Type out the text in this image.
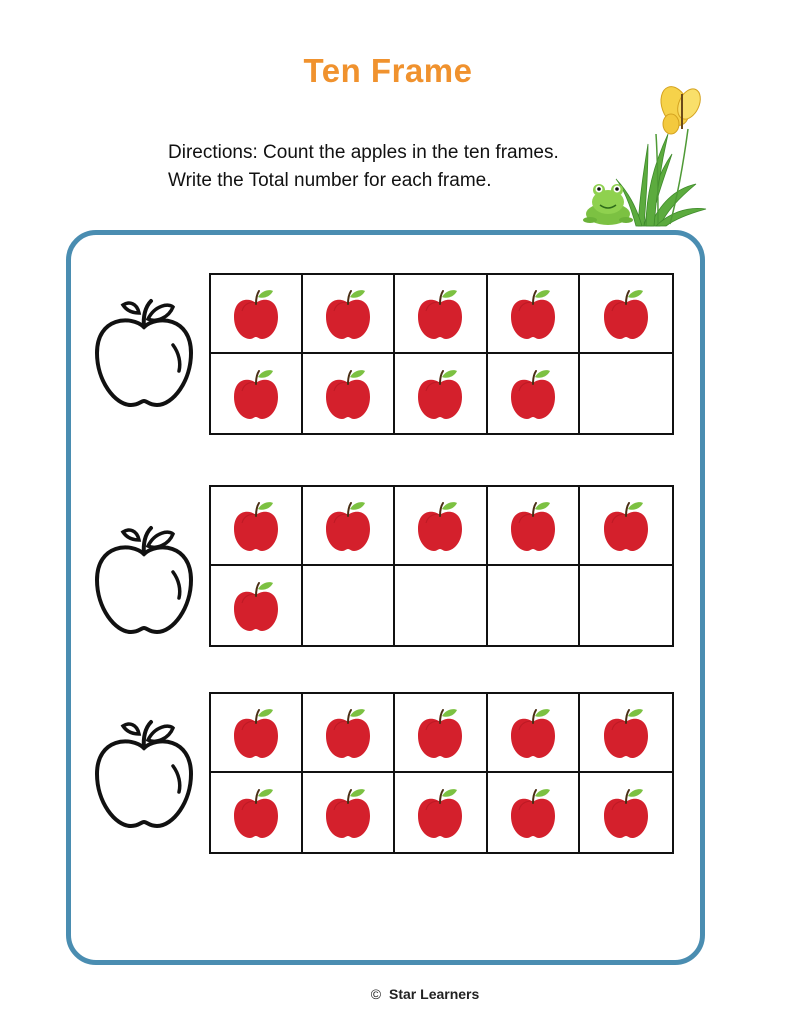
Ten Frame
Directions: Count the apples in the ten frames. Write the Total number for each frame.
© Star Learners
